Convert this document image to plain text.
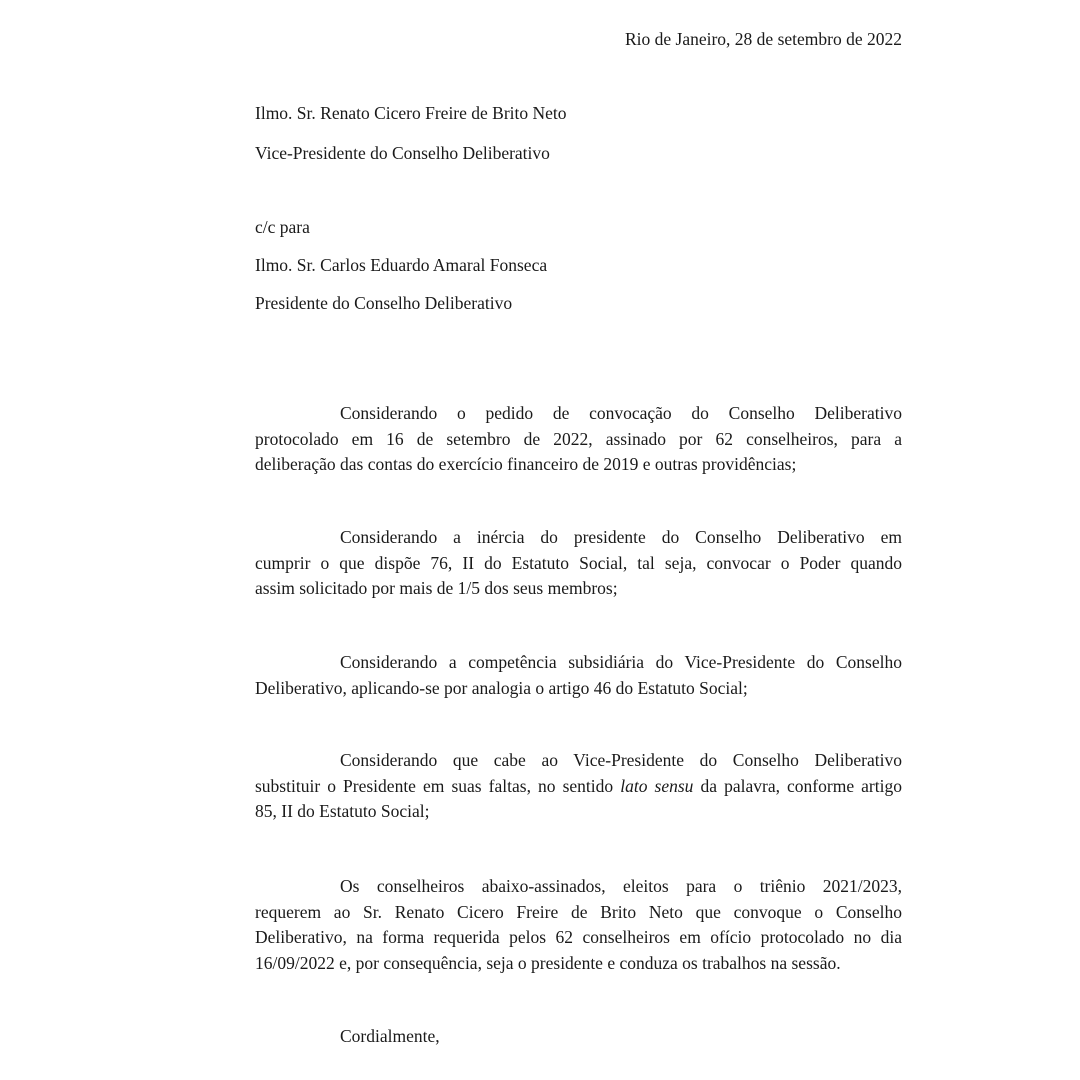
Rio de Janeiro, 28 de setembro de 2022
Ilmo. Sr. Renato Cicero Freire de Brito Neto
Vice-Presidente do Conselho Deliberativo
c/c para
Ilmo. Sr. Carlos Eduardo Amaral Fonseca
Presidente do Conselho Deliberativo
Considerando o pedido de convocação do Conselho Deliberativo
protocolado em 16 de setembro de 2022, assinado por 62 conselheiros, para a
deliberação das contas do exercício financeiro de 2019 e outras providências;
Considerando a inércia do presidente do Conselho Deliberativo em
cumprir o que dispõe 76, II do Estatuto Social, tal seja, convocar o Poder quando
assim solicitado por mais de 1/5 dos seus membros;
Considerando a competência subsidiária do Vice-Presidente do Conselho
Deliberativo, aplicando-se por analogia o artigo 46 do Estatuto Social;
Considerando que cabe ao Vice-Presidente do Conselho Deliberativo
substituir o Presidente em suas faltas, no sentido lato sensu da palavra, conforme artigo
85, II do Estatuto Social;
Os conselheiros abaixo-assinados, eleitos para o triênio 2021/2023,
requerem ao Sr. Renato Cicero Freire de Brito Neto que convoque o Conselho
Deliberativo, na forma requerida pelos 62 conselheiros em ofício protocolado no dia
16/09/2022 e, por consequência, seja o presidente e conduza os trabalhos na sessão.
Cordialmente,
